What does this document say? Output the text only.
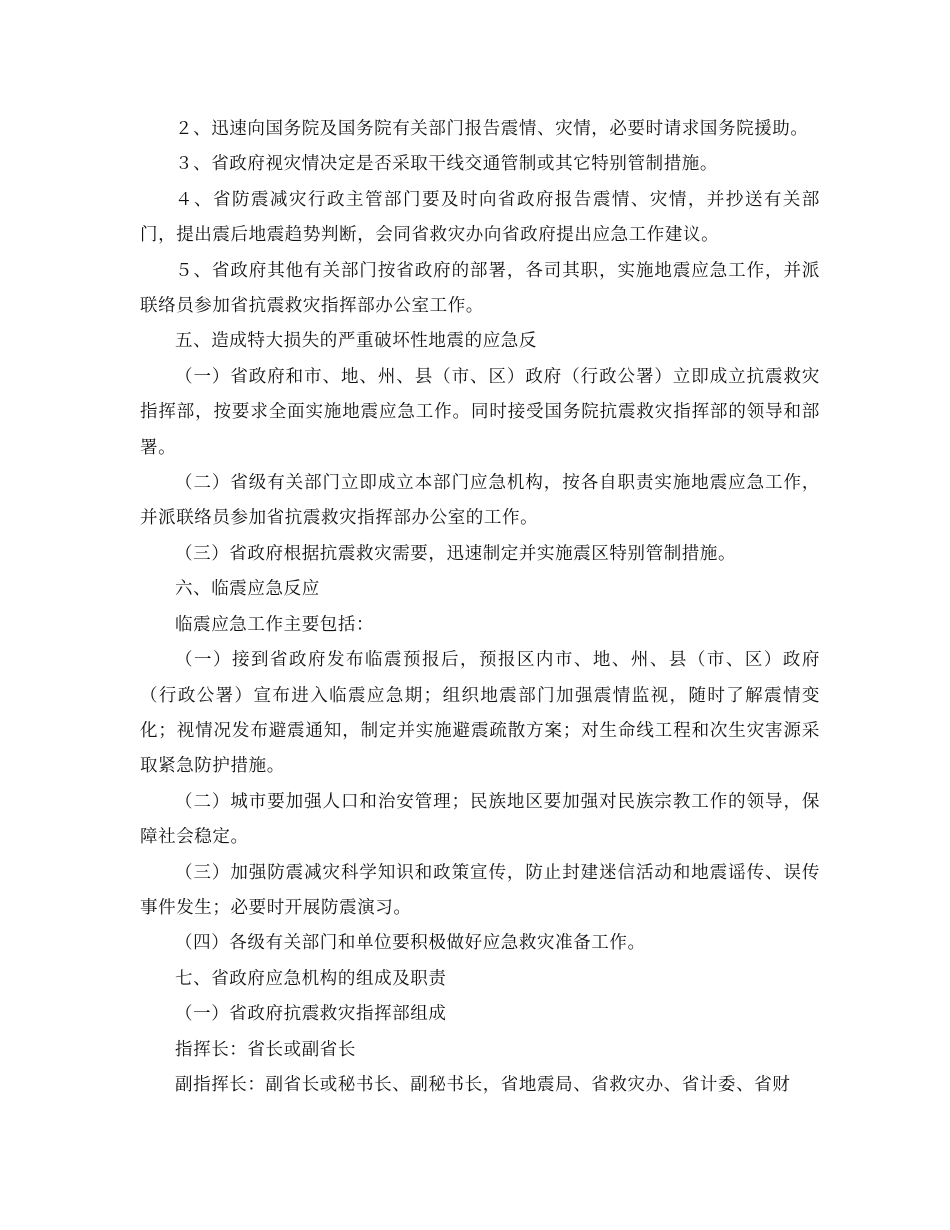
２、迅速向国务院及国务院有关部门报告震情、灾情，必要时请求国务院援助。

３、省政府视灾情决定是否采取干线交通管制或其它特别管制措施。

４、省防震减灾行政主管部门要及时向省政府报告震情、灾情，并抄送有关部门，提出震后地震趋势判断，会同省救灾办向省政府提出应急工作建议。

５、省政府其他有关部门按省政府的部署，各司其职，实施地震应急工作，并派联络员参加省抗震救灾指挥部办公室工作。

五、造成特大损失的严重破坏性地震的应急反

（一）省政府和市、地、州、县（市、区）政府（行政公署）立即成立抗震救灾指挥部，按要求全面实施地震应急工作。同时接受国务院抗震救灾指挥部的领导和部署。

（二）省级有关部门立即成立本部门应急机构，按各自职责实施地震应急工作，并派联络员参加省抗震救灾指挥部办公室的工作。

（三）省政府根据抗震救灾需要，迅速制定并实施震区特别管制措施。

六、临震应急反应

临震应急工作主要包括：

（一）接到省政府发布临震预报后，预报区内市、地、州、县（市、区）政府（行政公署）宣布进入临震应急期；组织地震部门加强震情监视，随时了解震情变化；视情况发布避震通知，制定并实施避震疏散方案；对生命线工程和次生灾害源采取紧急防护措施。

（二）城市要加强人口和治安管理；民族地区要加强对民族宗教工作的领导，保障社会稳定。

（三）加强防震减灾科学知识和政策宣传，防止封建迷信活动和地震谣传、误传事件发生；必要时开展防震演习。

（四）各级有关部门和单位要积极做好应急救灾准备工作。

七、省政府应急机构的组成及职责

（一）省政府抗震救灾指挥部组成

指挥长：省长或副省长

副指挥长：副省长或秘书长、副秘书长，省地震局、省救灾办、省计委、省财
